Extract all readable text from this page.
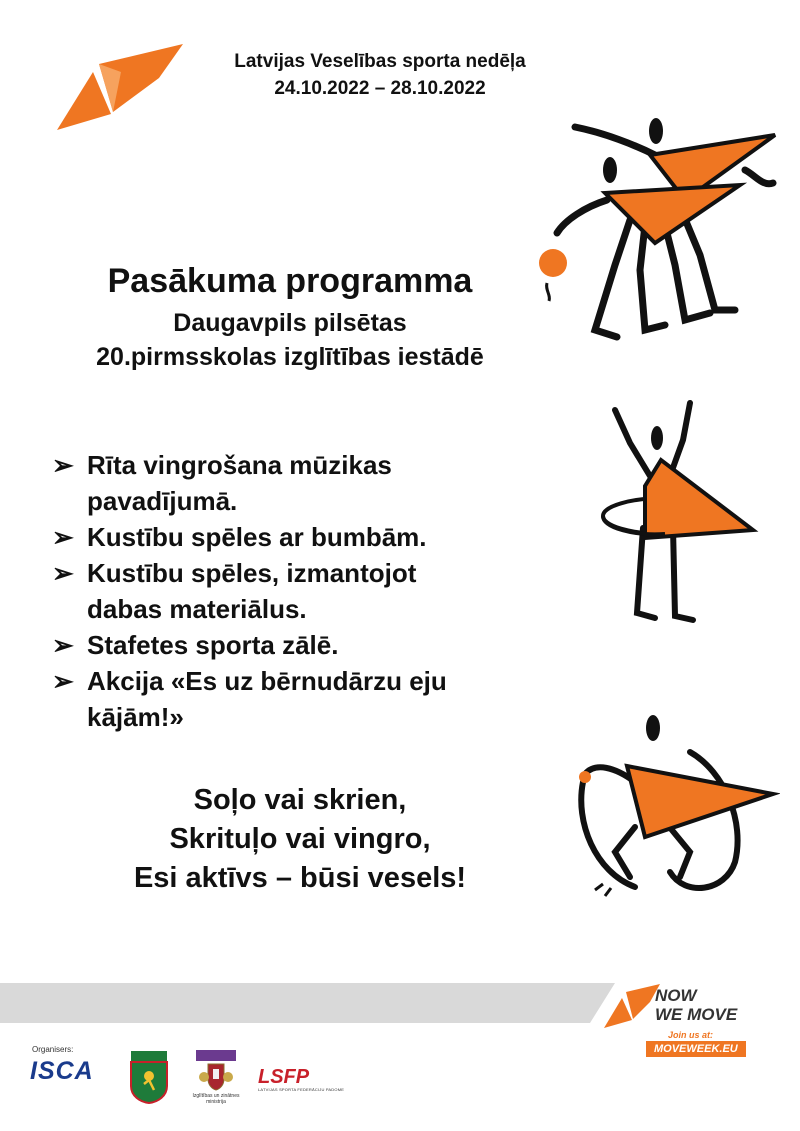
Latvijas Veselības sporta nedēļa
24.10.2022 – 28.10.2022
Pasākuma programma
Daugavpils pilsētas
20.pirmsskolas izglītības iestādē
➢ Rīta vingrošana mūzikas
pavadījumā.
➢ Kustību spēles ar bumbām.
➢ Kustību spēles, izmantojot
dabas materiālus.
➢ Stafetes sporta zālē.
➢ Akcija «Es uz bērnudārzu eju
kājām!»
Soļo vai skrien,
Skrituļo vai vingro,
Esi aktīvs – būsi vesels!
NOW
WE MOVE
Join us at:
MOVEWEEK.EU
Organisers:
ISCA
Izglītības un zinātnes ministrija
LSFP
LATVIJAS SPORTA FEDERĀCIJU PADOME
